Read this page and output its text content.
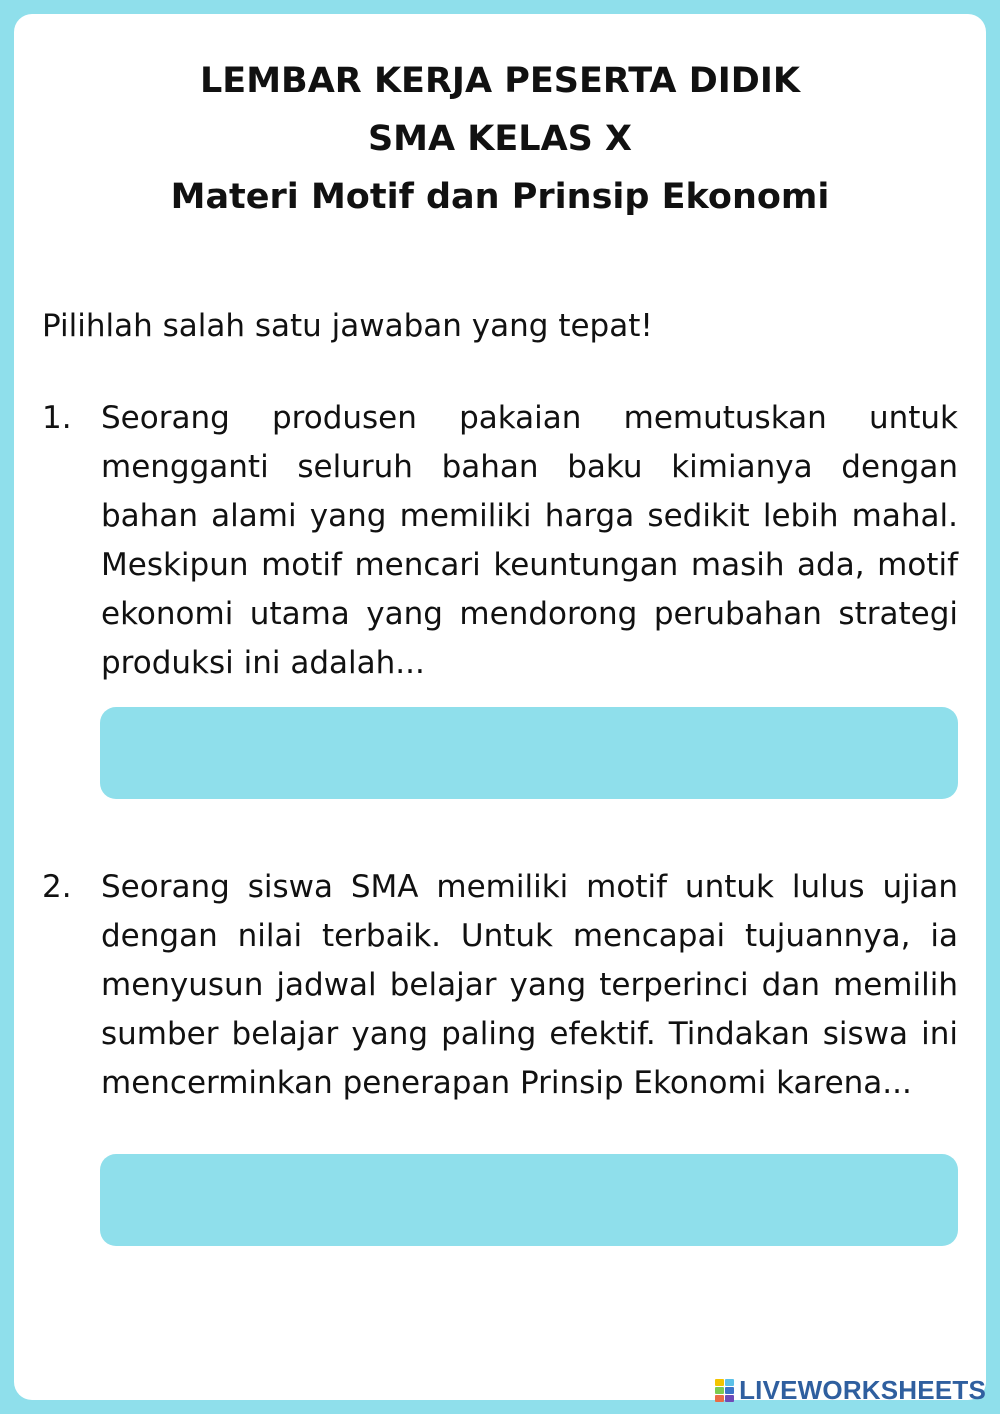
LEMBAR KERJA PESERTA DIDIK
SMA KELAS X
Materi Motif dan Prinsip Ekonomi
Pilihlah salah satu jawaban yang tepat!
1. Seorang produsen pakaian memutuskan untuk mengganti seluruh bahan baku kimianya dengan bahan alami yang memiliki harga sedikit lebih mahal. Meskipun motif mencari keuntungan masih ada, motif ekonomi utama yang mendorong perubahan strategi produksi ini adalah...
2. Seorang siswa SMA memiliki motif untuk lulus ujian dengan nilai terbaik. Untuk mencapai tujuannya, ia menyusun jadwal belajar yang terperinci dan memilih sumber belajar yang paling efektif. Tindakan siswa ini mencerminkan penerapan Prinsip Ekonomi karena...
LIVEWORKSHEETS
